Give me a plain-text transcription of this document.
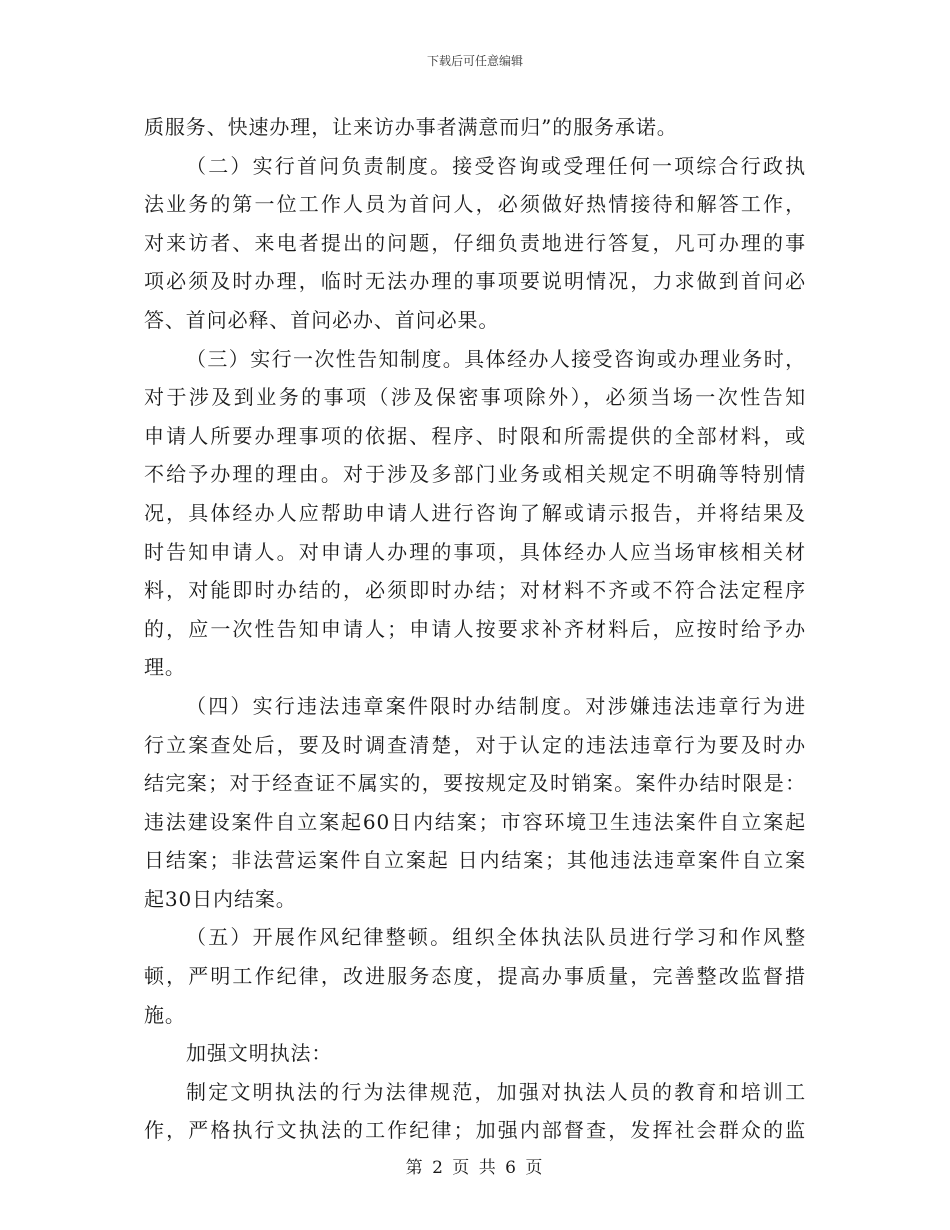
下载后可任意编辑
质服务、快速办理，让来访办事者满意而归”的服务承诺。
（二）实行首问负责制度。接受咨询或受理任何一项综合行政执
法业务的第一位工作人员为首问人，必须做好热情接待和解答工作，
对来访者、来电者提出的问题，仔细负责地进行答复，凡可办理的事
项必须及时办理，临时无法办理的事项要说明情况，力求做到首问必
答、首问必释、首问必办、首问必果。
（三）实行一次性告知制度。具体经办人接受咨询或办理业务时，
对于涉及到业务的事项（涉及保密事项除外），必须当场一次性告知
申请人所要办理事项的依据、程序、时限和所需提供的全部材料，或
不给予办理的理由。对于涉及多部门业务或相关规定不明确等特别情
况，具体经办人应帮助申请人进行咨询了解或请示报告，并将结果及
时告知申请人。对申请人办理的事项，具体经办人应当场审核相关材
料，对能即时办结的，必须即时办结；对材料不齐或不符合法定程序
的，应一次性告知申请人；申请人按要求补齐材料后，应按时给予办
理。
（四）实行违法违章案件限时办结制度。对涉嫌违法违章行为进
行立案查处后，要及时调查清楚，对于认定的违法违章行为要及时办
结完案；对于经查证不属实的，要按规定及时销案。案件办结时限是：
违法建设案件自立案起60日内结案；市容环境卫生违法案件自立案起
日结案；非法营运案件自立案起 日内结案；其他违法违章案件自立案
起30日内结案。
（五）开展作风纪律整顿。组织全体执法队员进行学习和作风整
顿，严明工作纪律，改进服务态度，提高办事质量，完善整改监督措
施。
加强文明执法：
制定文明执法的行为法律规范，加强对执法人员的教育和培训工
作，严格执行文执法的工作纪律；加强内部督查，发挥社会群众的监
第 2 页 共 6 页
